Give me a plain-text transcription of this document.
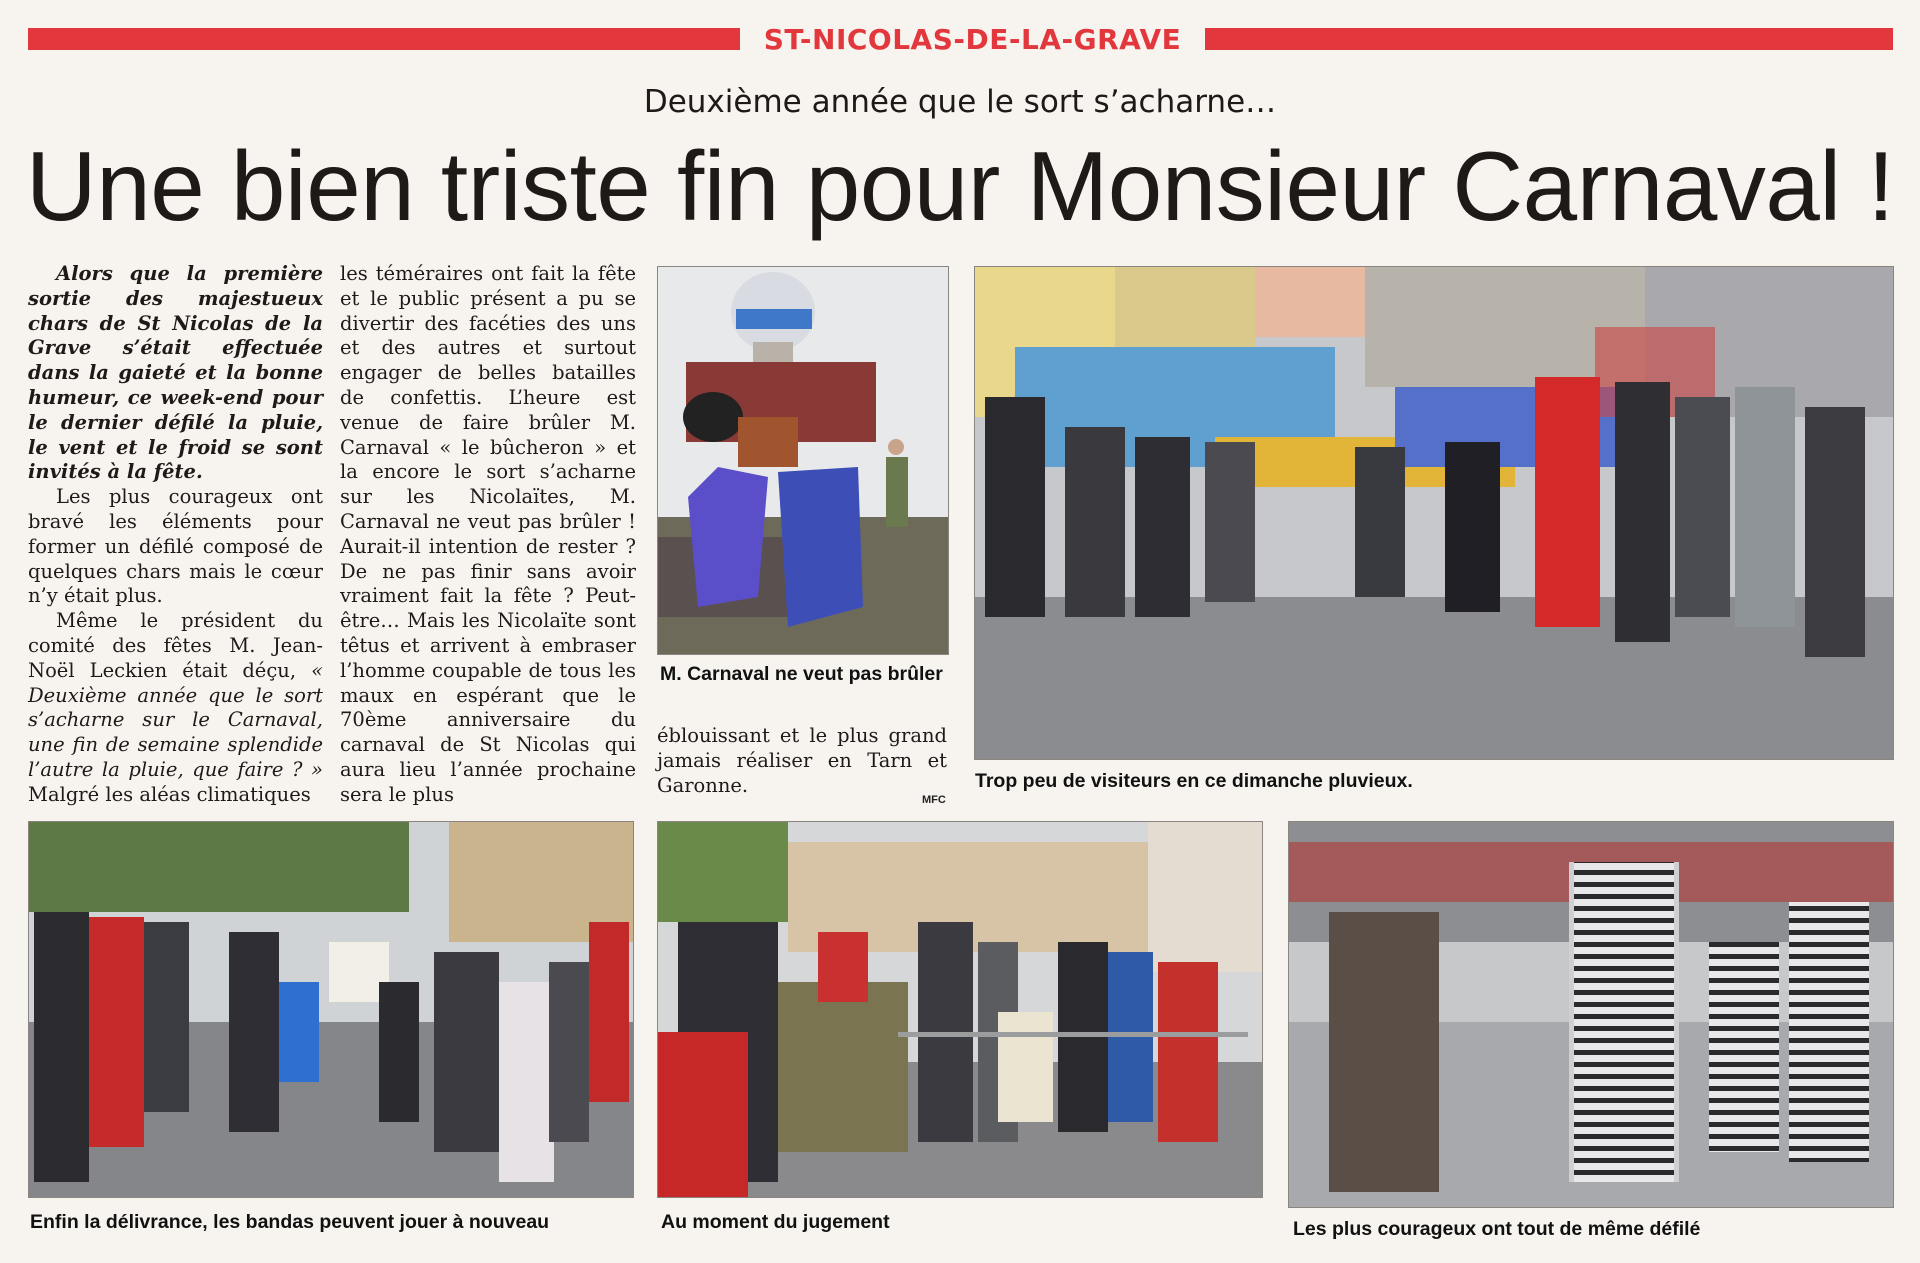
ST-NICOLAS-DE-LA-GRAVE
Deuxième année que le sort s’acharne…
Une bien triste fin pour Monsieur Carnaval !

Alors que la première sortie des majestueux chars de St Nicolas de la Grave s’était effectuée dans la gaieté et la bonne humeur, ce week-end pour le dernier défilé la pluie, le vent et le froid se sont invités à la fête.

Les plus courageux ont bravé les éléments pour former un défilé composé de quelques chars mais le cœur n’y était plus.

Même le président du comité des fêtes M. Jean-Noël Leckien était déçu, « Deuxième année que le sort s’acharne sur le Carnaval, une fin de semaine splendide l’autre la pluie, que faire ? » Malgré les aléas climatiques

les téméraires ont fait la fête et le public présent a pu se divertir des facéties des uns et des autres et surtout engager de belles batailles de confettis. L’heure est venue de faire brûler M. Carnaval « le bûcheron » et la encore le sort s’acharne sur les Nicolaïtes, M. Carnaval ne veut pas brûler ! Aurait-il intention de rester ? De ne pas finir sans avoir vraiment fait la fête ? Peut-être… Mais les Nicolaïte sont têtus et arrivent à embraser l’homme coupable de tous les maux en espérant que le 70ème anniversaire du carnaval de St Nicolas qui aura lieu l’année prochaine sera le plus

éblouissant et le plus grand jamais réaliser en Tarn et Garonne.

MFC
M. Carnaval ne veut pas brûler
Trop peu de visiteurs en ce dimanche pluvieux.
Enfin la délivrance, les bandas peuvent jouer à nouveau	Au moment du jugement	Les plus courageux ont tout de même défilé
